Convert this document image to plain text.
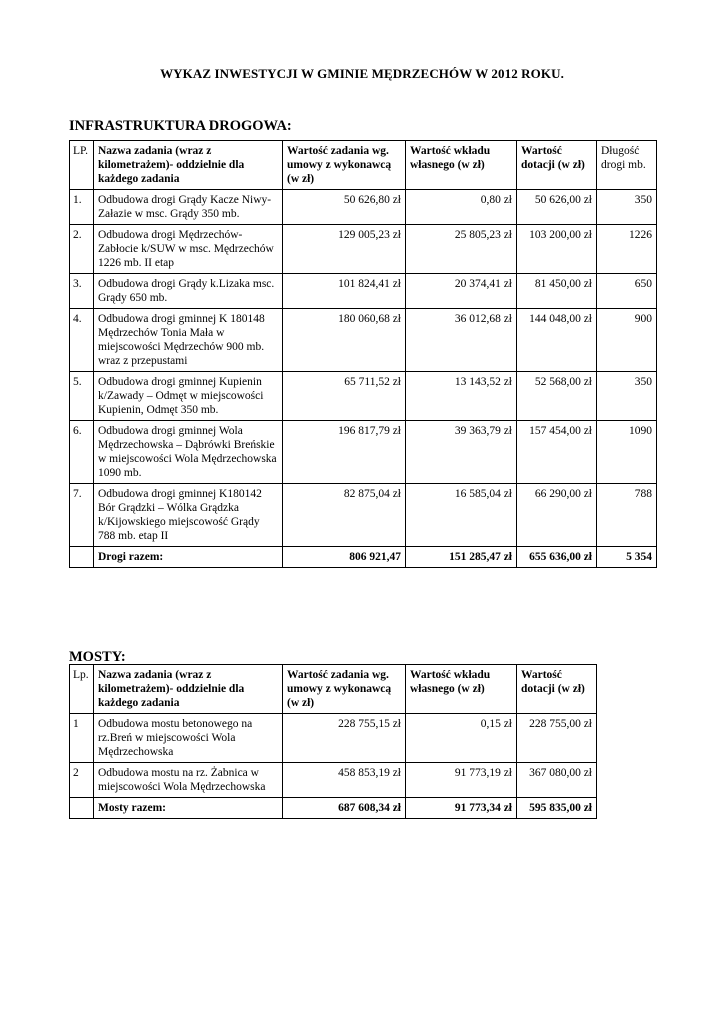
WYKAZ INWESTYCJI W GMINIE MĘDRZECHÓW W 2012 ROKU.
INFRASTRUKTURA DROGOWA:
LP.	Nazwa zadania (wraz z kilometrażem)- oddzielnie dla każdego zadania	Wartość zadania wg. umowy z wykonawcą (w zł)	Wartość wkładu własnego (w zł)	Wartość dotacji (w zł)	Długość drogi mb.
1.	Odbudowa drogi Grądy Kacze Niwy- Załazie w msc. Grądy 350 mb.	50 626,80 zł	0,80 zł	50 626,00 zł	350
2.	Odbudowa drogi Mędrzechów-Zabłocie k/SUW w msc. Mędrzechów 1226 mb. II etap	129 005,23 zł	25 805,23 zł	103 200,00 zł	1226
3.	Odbudowa drogi Grądy k.Lizaka msc. Grądy 650 mb.	101 824,41 zł	20 374,41 zł	81 450,00 zł	650
4.	Odbudowa drogi gminnej K 180148 Mędrzechów Tonia Mała w miejscowości Mędrzechów 900 mb. wraz z przepustami	180 060,68 zł	36 012,68 zł	144 048,00 zł	900
5.	Odbudowa drogi gminnej Kupienin k/Zawady – Odmęt w miejscowości Kupienin, Odmęt 350 mb.	65 711,52 zł	13 143,52 zł	52 568,00 zł	350
6.	Odbudowa drogi gminnej Wola Mędrzechowska – Dąbrówki Breńskie w miejscowości Wola Mędrzechowska 1090 mb.	196 817,79 zł	39 363,79 zł	157 454,00 zł	1090
7.	Odbudowa drogi gminnej K180142 Bór Grądzki – Wólka Grądzka k/Kijowskiego miejscowość Grądy 788 mb. etap II	82 875,04 zł	16 585,04 zł	66 290,00 zł	788
	Drogi razem:	806 921,47	151 285,47 zł	655 636,00 zł	5 354
MOSTY:
Lp.	Nazwa zadania (wraz z kilometrażem)- oddzielnie dla każdego zadania	Wartość zadania wg. umowy z wykonawcą (w zł)	Wartość wkładu własnego (w zł)	Wartość dotacji (w zł)
1	Odbudowa mostu betonowego na rz.Breń w miejscowości Wola Mędrzechowska	228 755,15 zł	0,15 zł	228 755,00 zł
2	Odbudowa mostu na rz. Żabnica w miejscowości Wola Mędrzechowska	458 853,19 zł	91 773,19 zł	367 080,00 zł
	Mosty razem:	687 608,34 zł	91 773,34 zł	595 835,00 zł
